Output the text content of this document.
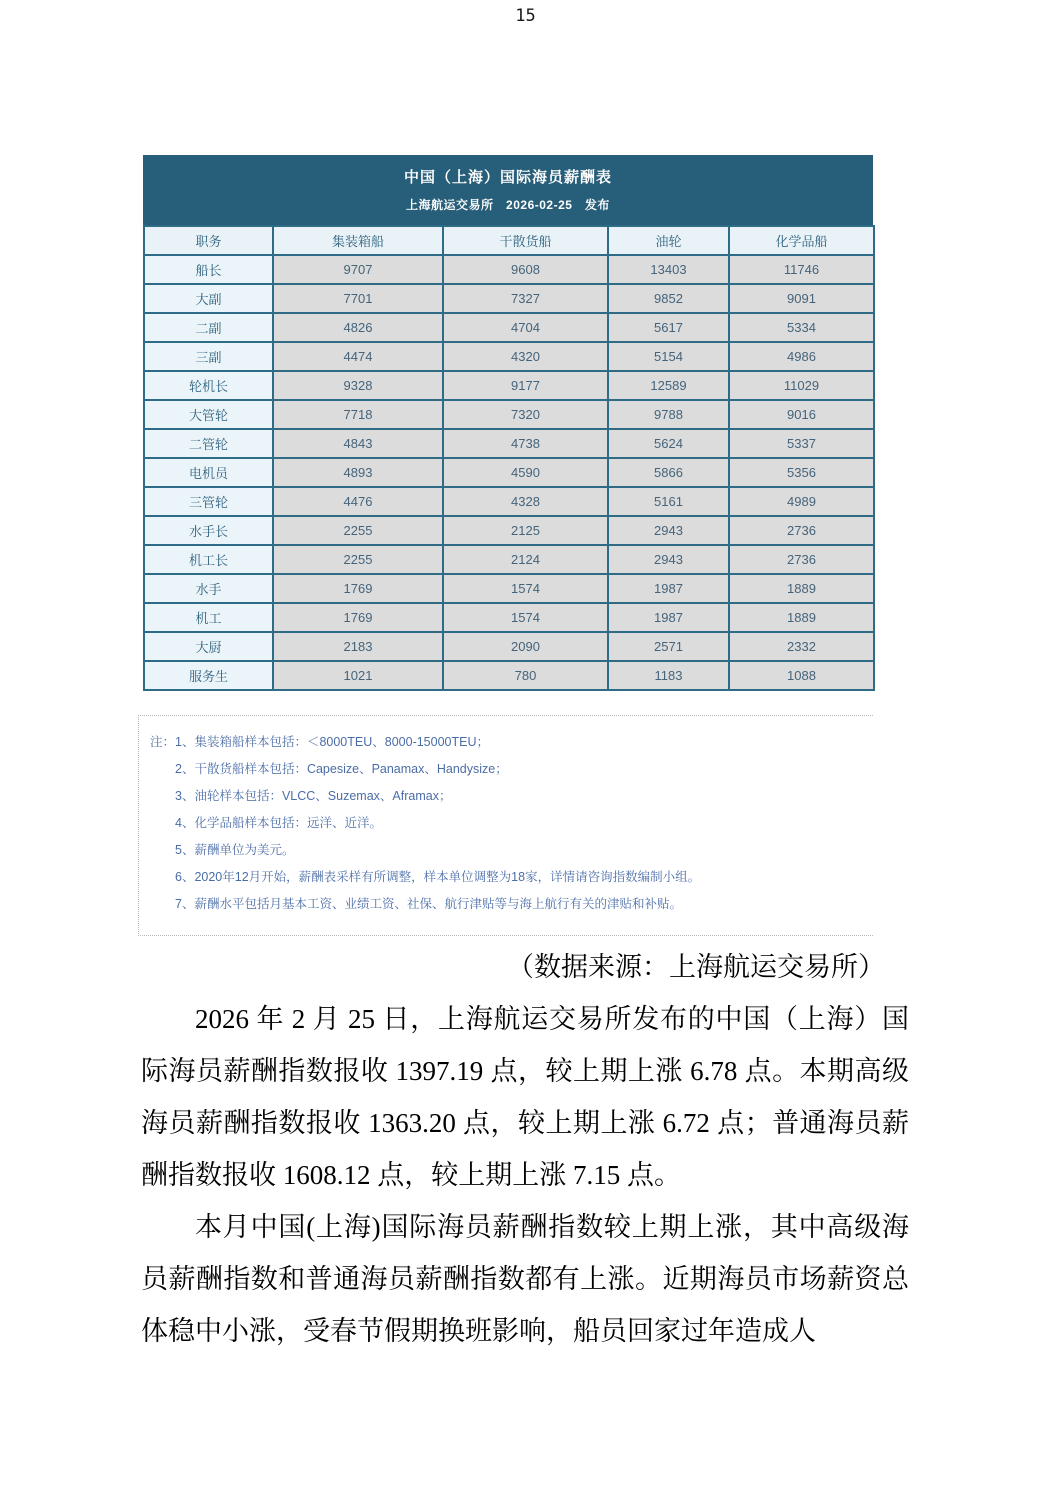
15
中国（上海）国际海员薪酬表
上海航运交易所　2026-02-25　发布
职务	集装箱船	干散货船	油轮	化学品船
船长	9707	9608	13403	11746
大副	7701	7327	9852	9091
二副	4826	4704	5617	5334
三副	4474	4320	5154	4986
轮机长	9328	9177	12589	11029
大管轮	7718	7320	9788	9016
二管轮	4843	4738	5624	5337
电机员	4893	4590	5866	5356
三管轮	4476	4328	5161	4989
水手长	2255	2125	2943	2736
机工长	2255	2124	2943	2736
水手	1769	1574	1987	1889
机工	1769	1574	1987	1889
大厨	2183	2090	2571	2332
服务生	1021	780	1183	1088
注：1、集装箱船样本包括：＜8000TEU、8000-15000TEU；
2、干散货船样本包括：Capesize、Panamax、Handysize；
3、油轮样本包括：VLCC、Suzemax、Aframax；
4、化学品船样本包括：远洋、近洋。
5、薪酬单位为美元。
6、2020年12月开始，薪酬表采样有所调整，样本单位调整为18家，详情请咨询指数编制小组。
7、薪酬水平包括月基本工资、业绩工资、社保、航行津贴等与海上航行有关的津贴和补贴。

（数据来源：上海航运交易所）

2026 年 2 月 25 日，上海航运交易所发布的中国（上海）国际海员薪酬指数报收 1397.19 点，较上期上涨 6.78 点。本期高级海员薪酬指数报收 1363.20 点，较上期上涨 6.72 点；普通海员薪酬指数报收 1608.12 点，较上期上涨 7.15 点。

本月中国(上海)国际海员薪酬指数较上期上涨，其中高级海员薪酬指数和普通海员薪酬指数都有上涨。近期海员市场薪资总体稳中小涨，受春节假期换班影响，船员回家过年造成人
